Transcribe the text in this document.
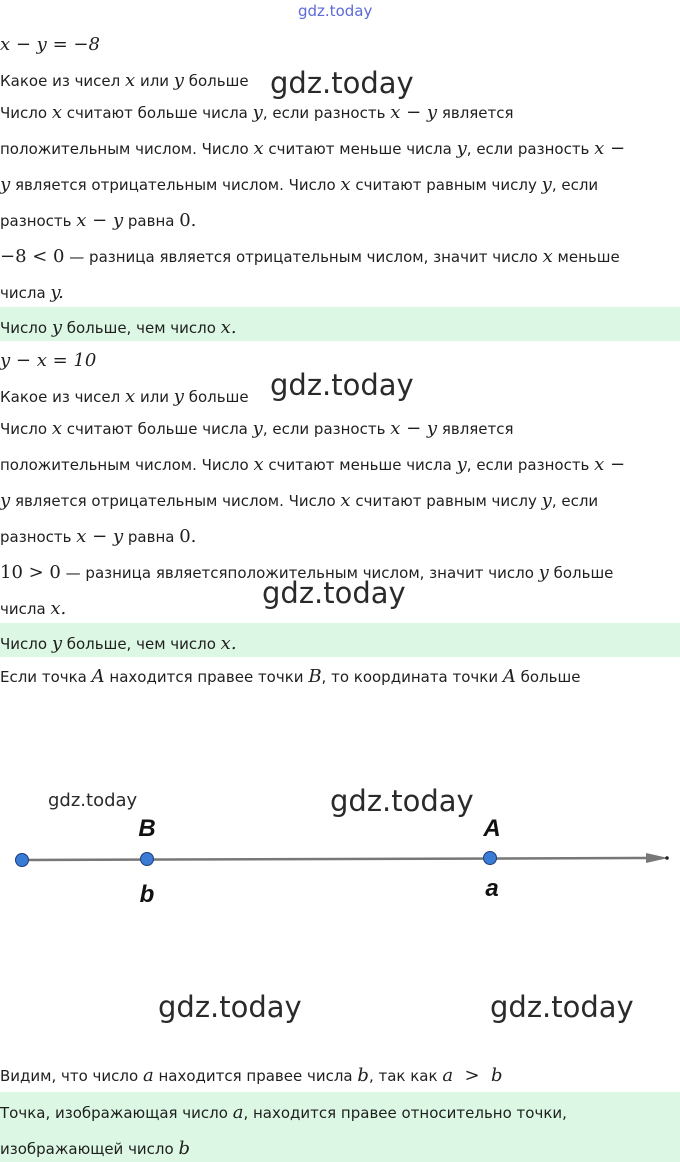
gdz.today
x − y = −8
Какое из чисел x или y больше gdz.today
Число x считают больше числа y, если разность x − y является
положительным числом. Число x считают меньше числа y, если разность x −
y является отрицательным числом. Число x считают равным числу y, если
разность x − y равна 0.
−8 < 0 — разница является отрицательным числом, значит число x меньше
числа y.
Число y больше, чем число x.
y − x = 10
Какое из чисел x или y больше gdz.today
Число x считают больше числа y, если разность x − y является
положительным числом. Число x считают меньше числа y, если разность x −
y является отрицательным числом. Число x считают равным числу y, если
разность x − y равна 0.
10 > 0 — разница являетсяположительным числом, значит число y больше
числа x.	gdz.today
Число y больше, чем число x.
Если точка A находится правее точки B, то координата точки A больше
B	A
b	a
gdz.today	gdz.today
gdz.today	gdz.today
Видим, что число a находится правее числа b, так как a  >  b
Точка, изображающая число a, находится правее относительно точки,
изображающей число b
